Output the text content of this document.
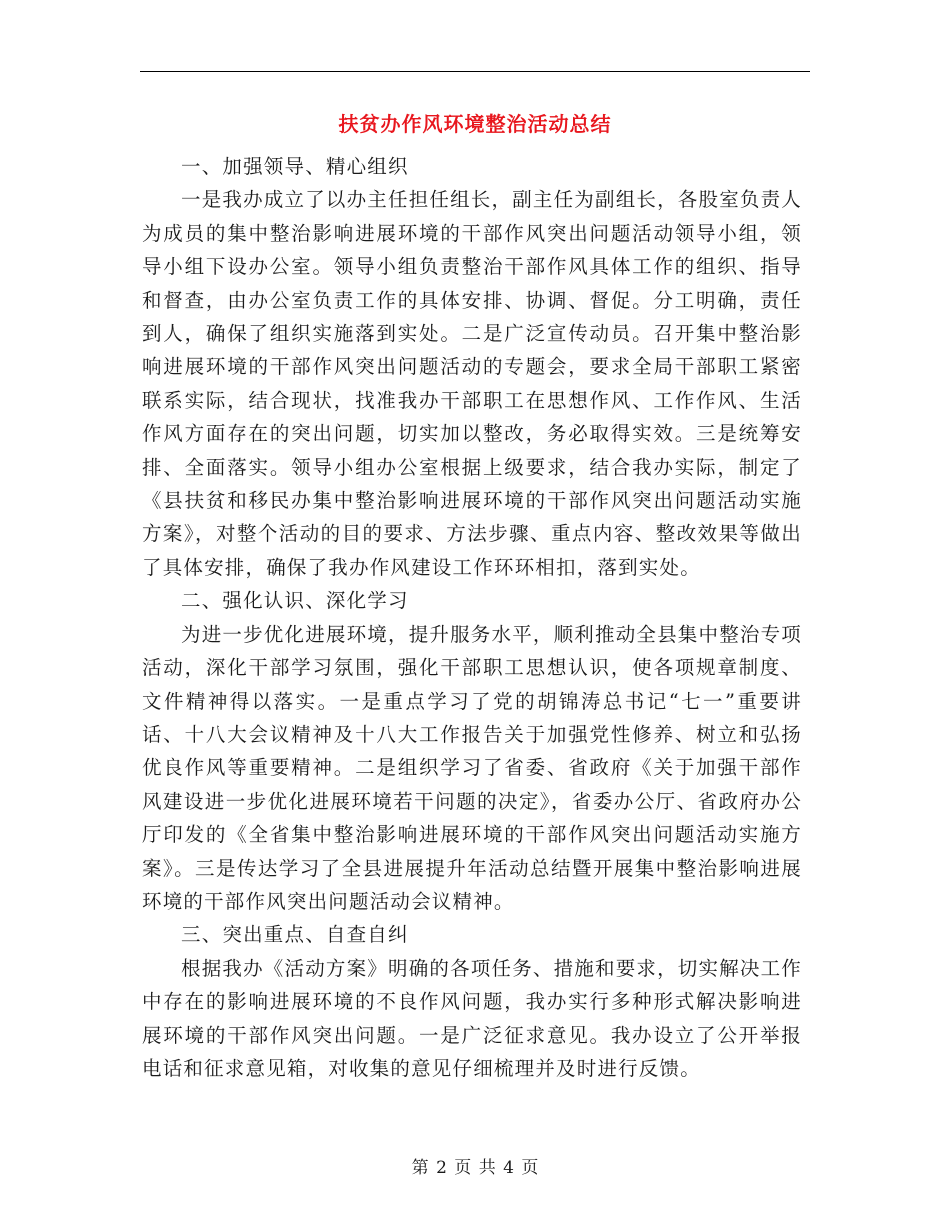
扶贫办作风环境整治活动总结

一、加强领导、精心组织

一是我办成立了以办主任担任组长，副主任为副组长，各股室负责人为成员的集中整治影响进展环境的干部作风突出问题活动领导小组，领导小组下设办公室。领导小组负责整治干部作风具体工作的组织、指导和督查，由办公室负责工作的具体安排、协调、督促。分工明确，责任到人，确保了组织实施落到实处。二是广泛宣传动员。召开集中整治影响进展环境的干部作风突出问题活动的专题会，要求全局干部职工紧密联系实际，结合现状，找准我办干部职工在思想作风、工作作风、生活作风方面存在的突出问题，切实加以整改，务必取得实效。三是统筹安排、全面落实。领导小组办公室根据上级要求，结合我办实际，制定了《县扶贫和移民办集中整治影响进展环境的干部作风突出问题活动实施方案》，对整个活动的目的要求、方法步骤、重点内容、整改效果等做出了具体安排，确保了我办作风建设工作环环相扣，落到实处。

二、强化认识、深化学习

为进一步优化进展环境，提升服务水平，顺利推动全县集中整治专项活动，深化干部学习氛围，强化干部职工思想认识，使各项规章制度、文件精神得以落实。一是重点学习了党的胡锦涛总书记“七一”重要讲话、十八大会议精神及十八大工作报告关于加强党性修养、树立和弘扬优良作风等重要精神。二是组织学习了省委、省政府《关于加强干部作风建设进一步优化进展环境若干问题的决定》，省委办公厅、省政府办公厅印发的《全省集中整治影响进展环境的干部作风突出问题活动实施方案》。三是传达学习了全县进展提升年活动总结暨开展集中整治影响进展环境的干部作风突出问题活动会议精神。

三、突出重点、自查自纠

根据我办《活动方案》明确的各项任务、措施和要求，切实解决工作中存在的影响进展环境的不良作风问题，我办实行多种形式解决影响进展环境的干部作风突出问题。一是广泛征求意见。我办设立了公开举报电话和征求意见箱，对收集的意见仔细梳理并及时进行反馈。

第 2 页 共 4 页
